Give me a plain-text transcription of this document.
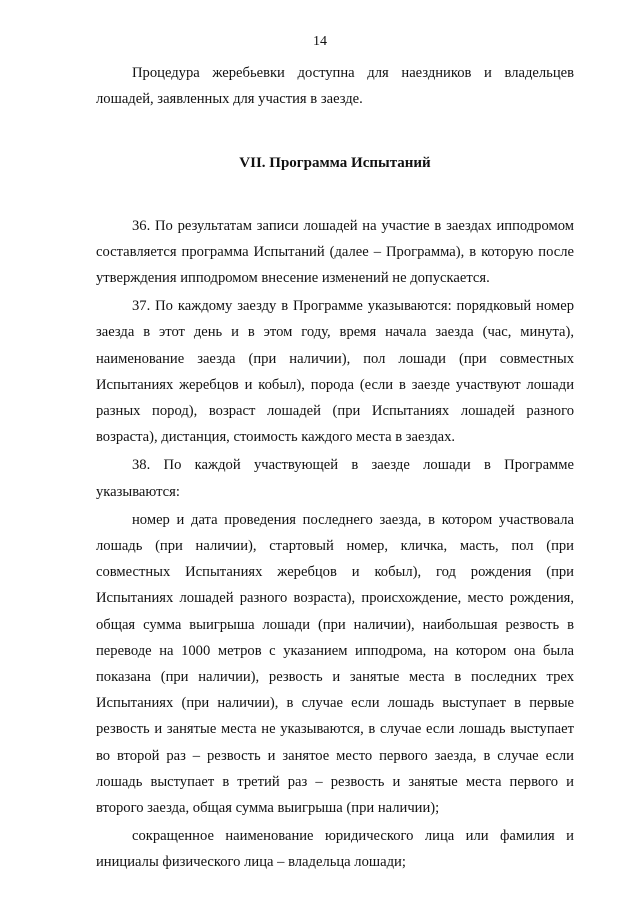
14

Процедура жеребьевки доступна для наездников и владельцев лошадей, заявленных для участия в заезде.

VII. Программа Испытаний

36. По результатам записи лошадей на участие в заездах ипподромом составляется программа Испытаний (далее – Программа), в которую после утверждения ипподромом внесение изменений не допускается.

37. По каждому заезду в Программе указываются: порядковый номер заезда в этот день и в этом году, время начала заезда (час, минута), наименование заезда (при наличии), пол лошади (при совместных Испытаниях жеребцов и кобыл), порода (если в заезде участвуют лошади разных пород), возраст лошадей (при Испытаниях лошадей разного возраста), дистанция, стоимость каждого места в заездах.

38. По каждой участвующей в заезде лошади в Программе указываются:

номер и дата проведения последнего заезда, в котором участвовала лошадь (при наличии), стартовый номер, кличка, масть, пол (при совместных Испытаниях жеребцов и кобыл), год рождения (при Испытаниях лошадей разного возраста), происхождение, место рождения, общая сумма выигрыша лошади (при наличии), наибольшая резвость в переводе на 1000 метров с указанием ипподрома, на котором она была показана (при наличии), резвость и занятые места в последних трех Испытаниях (при наличии), в случае если лошадь выступает в первые резвость и занятые места не указываются, в случае если лошадь выступает во второй раз – резвость и занятое место первого заезда, в случае если лошадь выступает в третий раз – резвость и занятые места первого и второго заезда, общая сумма выигрыша (при наличии);

сокращенное наименование юридического лица или фамилия и инициалы физического лица – владельца лошади;
